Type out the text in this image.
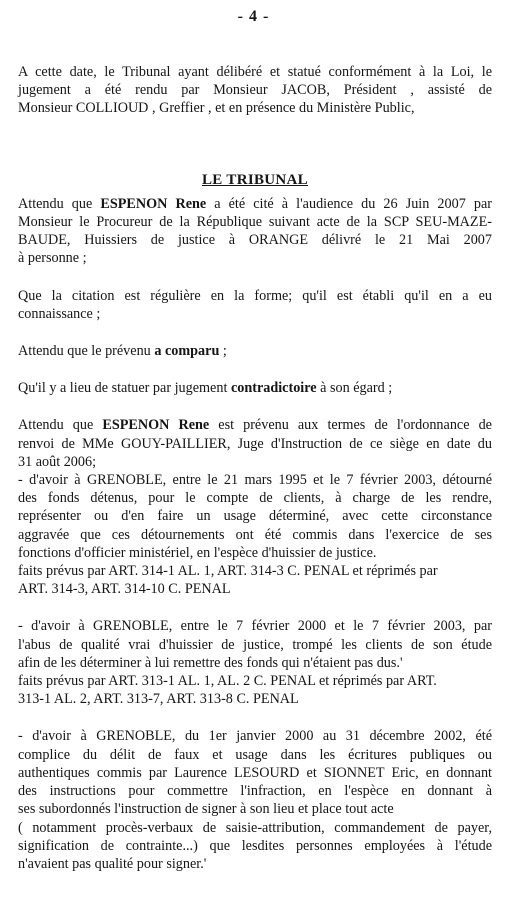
- 4 -

A cette date, le Tribunal ayant délibéré et statué conformément à la Loi, le

jugement a été rendu par Monsieur JACOB, Président , assisté de

Monsieur COLLIOUD , Greffier , et en présence du Ministère Public,

LE TRIBUNAL

Attendu que ESPENON Rene a été cité à l'audience du 26 Juin 2007 par

Monsieur le Procureur de la République suivant acte de la SCP SEU-MAZE-

BAUDE, Huissiers de justice à ORANGE délivré le 21 Mai 2007

à personne ;

Que la citation est régulière en la forme; qu'il est établi qu'il en a eu

connaissance ;

Attendu que le prévenu a comparu ;

Qu'il y a lieu de statuer par jugement contradictoire à son égard ;

Attendu que ESPENON Rene est prévenu aux termes de l'ordonnance de

renvoi de MMe GOUY-PAILLIER, Juge d'Instruction de ce siège en date du

31 août 2006;

- d'avoir à GRENOBLE, entre le 21 mars 1995 et le 7 février 2003, détourné

des fonds détenus, pour le compte de clients, à charge de les rendre,

représenter ou d'en faire un usage déterminé, avec cette circonstance

aggravée que ces détournements ont été commis dans l'exercice de ses

fonctions d'officier ministériel, en l'espèce d'huissier de justice.

faits prévus par ART. 314-1 AL. 1, ART. 314-3 C. PENAL et réprimés par

ART. 314-3, ART. 314-10 C. PENAL

- d'avoir à GRENOBLE, entre le 7 février 2000 et le 7 février 2003, par

l'abus de qualité vrai d'huissier de justice, trompé les clients de son étude

afin de les déterminer à lui remettre des fonds qui n'étaient pas dus.'

faits prévus par ART. 313-1 AL. 1, AL. 2 C. PENAL et réprimés par ART.

313-1 AL. 2, ART. 313-7, ART. 313-8 C. PENAL

- d'avoir à GRENOBLE, du 1er janvier 2000 au 31 décembre 2002, été

complice du délit de faux et usage dans les écritures publiques ou

authentiques commis par Laurence LESOURD et SIONNET Eric, en donnant

des instructions pour commettre l'infraction, en l'espèce en donnant à

ses subordonnés l'instruction de signer à son lieu et place tout acte

( notamment procès-verbaux de saisie-attribution, commandement de payer,

signification de contrainte...) que lesdites personnes employées à l'étude

n'avaient pas qualité pour signer.'
